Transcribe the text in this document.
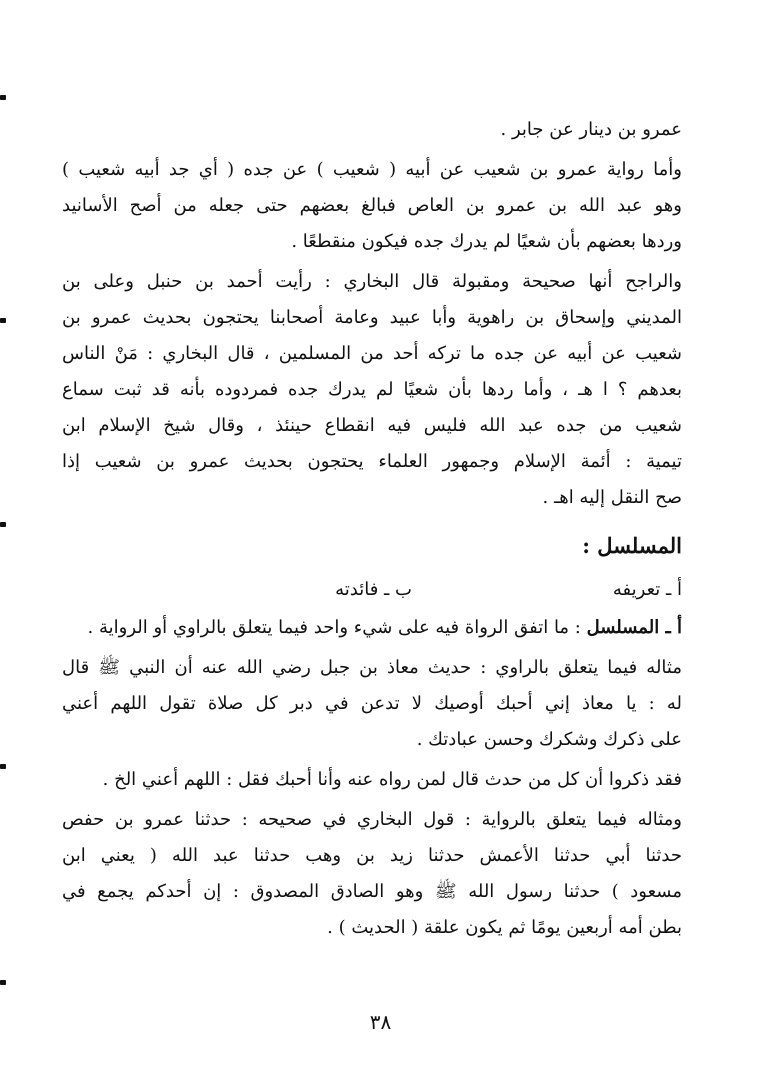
عمرو بن دينار عن جابر .
وأما رواية عمرو بن شعيب عن أبيه ( شعيب ) عن جده ( أي جد أبيه شعيب )
وهو عبد الله بن عمرو بن العاص فبالغ بعضهم حتى جعله من أصح الأسانيد
وردها بعضهم بأن شعيًا لم يدرك جده فيكون منقطعًا .
والراجح أنها صحيحة ومقبولة قال البخاري : رأيت أحمد بن حنبل وعلى بن
المديني وإسحاق بن راهوية وأبا عبيد وعامة أصحابنا يحتجون بحديث عمرو بن
شعيب عن أبيه عن جده ما تركه أحد من المسلمين ، قال البخاري : مَنْ الناس
بعدهم ؟ ا هـ ، وأما ردها بأن شعيًا لم يدرك جده فمردوده بأنه قد ثبت سماع
شعيب من جده عبد الله فليس فيه انقطاع حينئذ ، وقال شيخ الإسلام ابن
تيمية : أئمة الإسلام وجمهور العلماء يحتجون بحديث عمرو بن شعيب إذا
صح النقل إليه اهـ .
المسلسل :
أ ـ تعريفه
ب ـ فائدته
أ ـ المسلسل : ما اتفق الرواة فيه على شيء واحد فيما يتعلق بالراوي أو الرواية .
مثاله فيما يتعلق بالراوي : حديث معاذ بن جبل رضي الله عنه أن النبي ﷺ قال
له : يا معاذ إني أحبك أوصيك لا تدعن في دبر كل صلاة تقول اللهم أعني
على ذكرك وشكرك وحسن عبادتك .
فقد ذكروا أن كل من حدث قال لمن رواه عنه وأنا أحبك فقل : اللهم أعني الخ .
ومثاله فيما يتعلق بالرواية : قول البخاري في صحيحه : حدثنا عمرو بن حفص
حدثنا أبي حدثنا الأعمش حدثنا زيد بن وهب حدثنا عبد الله ( يعني ابن
مسعود ) حدثنا رسول الله ﷺ وهو الصادق المصدوق : إن أحدكم يجمع في
بطن أمه أربعين يومًا ثم يكون علقة ( الحديث ) .
٣٨
